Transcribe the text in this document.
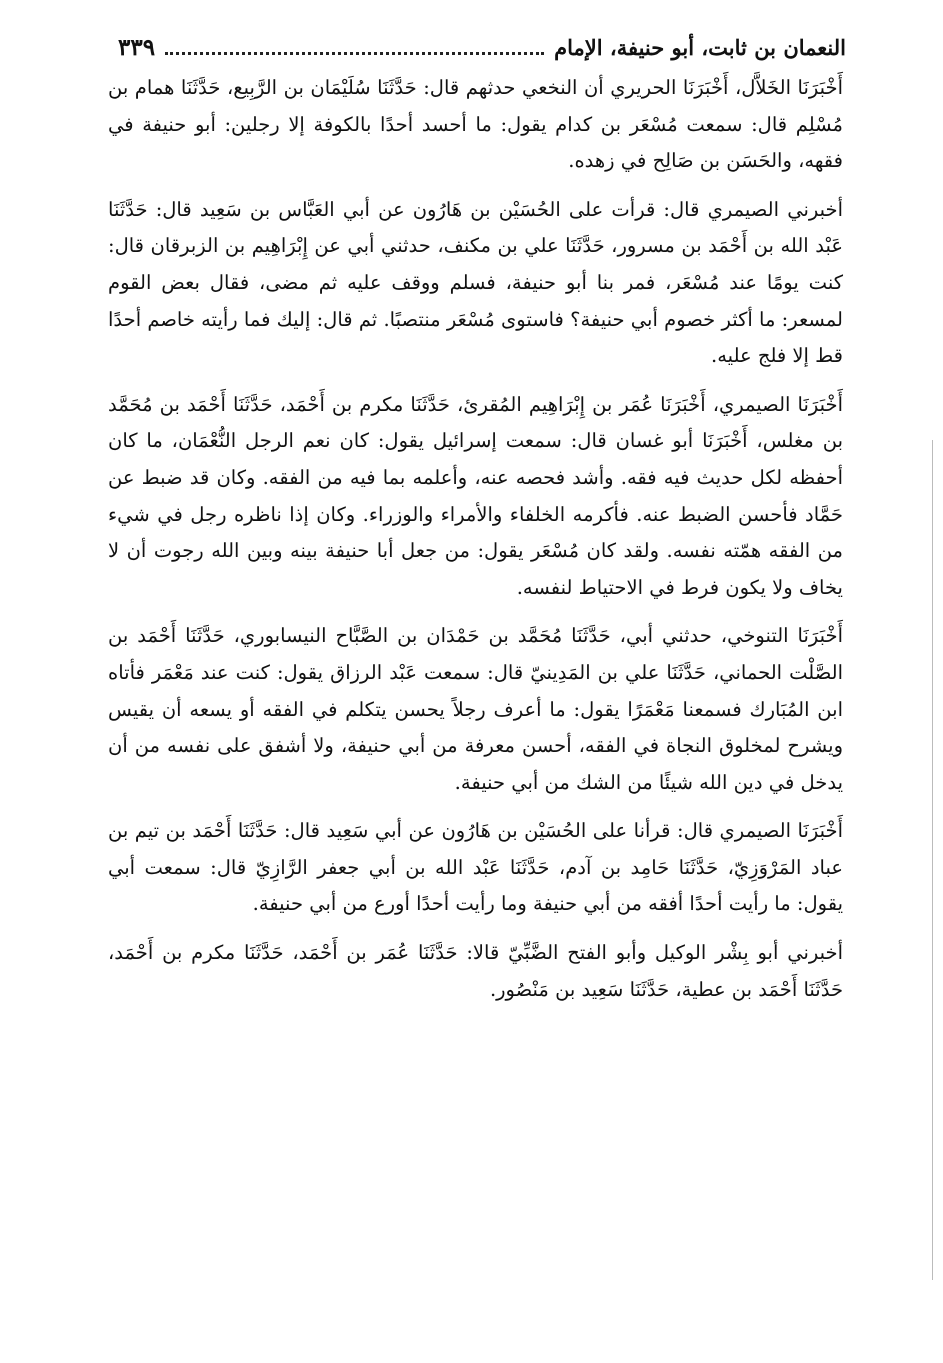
النعمان بن ثابت، أبو حنيفة، الإمام
٣٣٩

أَخْبَرَنَا الخَلاَّل، أَخْبَرَنَا الحريري أن النخعي حدثهم قال: حَدَّثَنَا سُلَيْمَان بن الرَّبِيع، حَدَّثَنَا همام بن مُسْلِم قال: سمعت مُسْعَر بن كدام يقول: ما أحسد أحدًا بالكوفة إلا رجلين: أبو حنيفة في فقهه، والحَسَن بن صَالِح في زهده.

أخبرني الصيمري قال: قرأت على الحُسَيْن بن هَارُون عن أبي العَبَّاس بن سَعِيد قال: حَدَّثَنَا عَبْد الله بن أَحْمَد بن مسرور، حَدَّثَنَا علي بن مكنف، حدثني أبي عن إِبْرَاهِيم بن الزبرقان قال: كنت يومًا عند مُسْعَر، فمر بنا أبو حنيفة، فسلم ووقف عليه ثم مضى، فقال بعض القوم لمسعر: ما أكثر خصوم أبي حنيفة؟ فاستوى مُسْعَر منتصبًا. ثم قال: إليك فما رأيته خاصم أحدًا قط إلا فلج عليه.

أَخْبَرَنَا الصيمري، أَخْبَرَنَا عُمَر بن إِبْرَاهِيم المُقرئ، حَدَّثَنَا مكرم بن أَحْمَد، حَدَّثَنَا أَحْمَد بن مُحَمَّد بن مغلس، أَخْبَرَنَا أبو غسان قال: سمعت إسرائيل يقول: كان نعم الرجل النُّعْمَان، ما كان أحفظه لكل حديث فيه فقه. وأشد فحصه عنه، وأعلمه بما فيه من الفقه. وكان قد ضبط عن حَمَّاد فأحسن الضبط عنه. فأكرمه الخلفاء والأمراء والوزراء. وكان إذا ناظره رجل في شيء من الفقه همّته نفسه. ولقد كان مُسْعَر يقول: من جعل أبا حنيفة بينه وبين الله رجوت أن لا يخاف ولا يكون فرط في الاحتياط لنفسه.

أَخْبَرَنَا التنوخي، حدثني أبي، حَدَّثَنَا مُحَمَّد بن حَمْدَان بن الصَّبَّاح النيسابوري، حَدَّثَنَا أَحْمَد بن الصَّلْت الحماني، حَدَّثَنَا علي بن المَدِينيّ قال: سمعت عَبْد الرزاق يقول: كنت عند مَعْمَر فأتاه ابن المُبَارك فسمعنا مَعْمَرًا يقول: ما أعرف رجلاً يحسن يتكلم في الفقه أو يسعه أن يقيس ويشرح لمخلوق النجاة في الفقه، أحسن معرفة من أبي حنيفة، ولا أشفق على نفسه من أن يدخل في دين الله شيئًا من الشك من أبي حنيفة.

أَخْبَرَنَا الصيمري قال: قرأنا على الحُسَيْن بن هَارُون عن أبي سَعِيد قال: حَدَّثَنَا أَحْمَد بن تيم بن عباد المَرْوَزِيّ، حَدَّثَنَا حَامِد بن آدم، حَدَّثَنَا عَبْد الله بن أبي جعفر الرَّازِيّ قال: سمعت أبي يقول: ما رأيت أحدًا أفقه من أبي حنيفة وما رأيت أحدًا أورع من أبي حنيفة.

أخبرني أبو بِشْر الوكيل وأبو الفتح الضَّبِّيّ قالا: حَدَّثَنَا عُمَر بن أَحْمَد، حَدَّثَنَا مكرم بن أَحْمَد، حَدَّثَنَا أَحْمَد بن عطية، حَدَّثَنَا سَعِيد بن مَنْصُور.
